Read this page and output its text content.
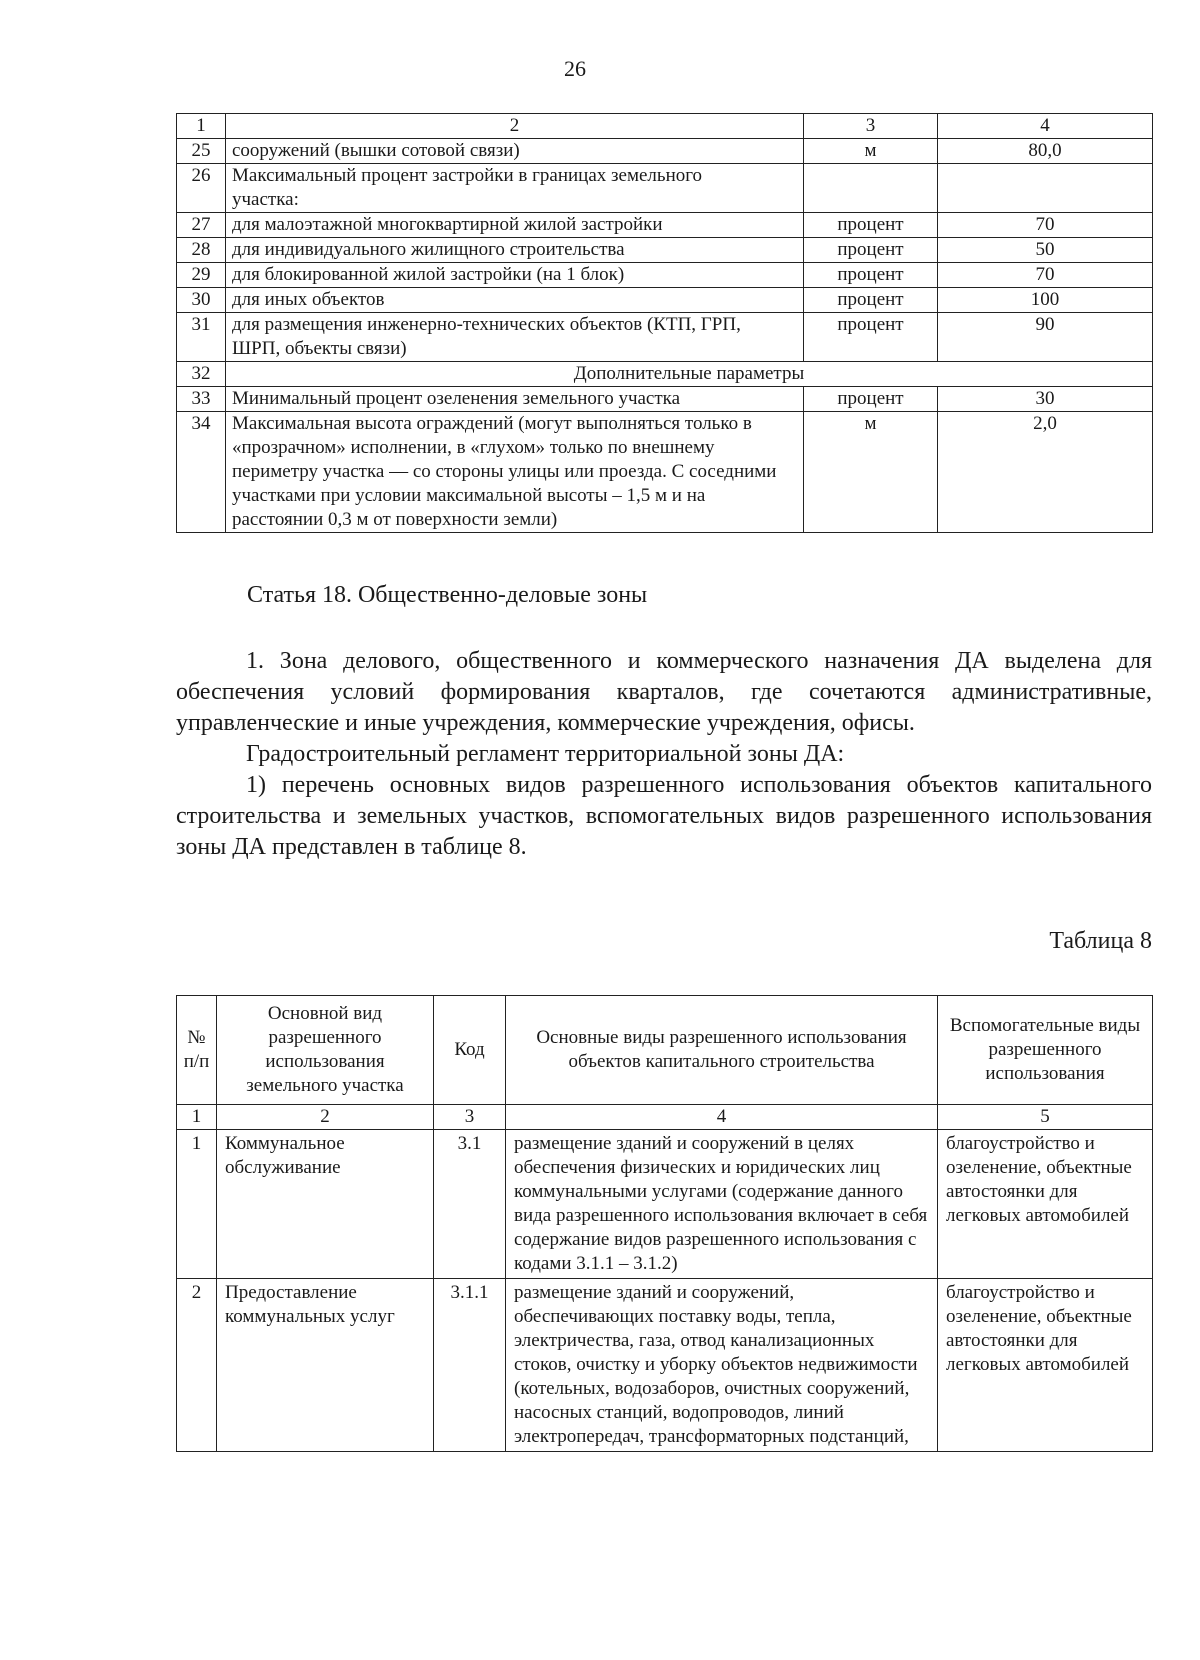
26
1	2	3	4
25	сооружений (вышки сотовой связи)	м	80,0
26	Максимальный процент застройки в границах земельного участка:		
27	для малоэтажной многоквартирной жилой застройки	процент	70
28	для индивидуального жилищного строительства	процент	50
29	для блокированной жилой застройки (на 1 блок)	процент	70
30	для иных объектов	процент	100
31	для размещения инженерно-технических объектов (КТП, ГРП, ШРП, объекты связи)	процент	90
32	Дополнительные параметры		
33	Минимальный процент озеленения земельного участка	процент	30
34	Максимальная высота ограждений (могут выполняться только в «прозрачном» исполнении, в «глухом» только по внешнему периметру участка — со стороны улицы или проезда. С соседними участками при условии максимальной высоты – 1,5 м и на расстоянии 0,3 м от поверхности земли)	м	2,0

Статья 18. Общественно-деловые зоны

1. Зона делового, общественного и коммерческого назначения ДА выделена для обеспечения условий формирования кварталов, где сочетаются административные, управленческие и иные учреждения, коммерческие учреждения, офисы.

Градостроительный регламент территориальной зоны ДА:

1) перечень основных видов разрешенного использования объектов капитального строительства и земельных участков, вспомогательных видов разрешенного использования зоны ДА представлен в таблице 8.

Таблица 8

№ п/п	Основной вид разрешенного использования земельного участка	Код	Основные виды разрешенного использования объектов капитального строительства	Вспомогательные виды разрешенного использования
1	2	3	4	5
1	Коммунальное обслуживание	3.1	размещение зданий и сооружений в целях обеспечения физических и юридических лиц коммунальными услугами (содержание данного вида разрешенного использования включает в себя содержание видов разрешенного использования с кодами 3.1.1 – 3.1.2)	благоустройство и озеленение, объектные автостоянки для легковых автомобилей
2	Предоставление коммунальных услуг	3.1.1	размещение зданий и сооружений, обеспечивающих поставку воды, тепла, электричества, газа, отвод канализационных стоков, очистку и уборку объектов недвижимости (котельных, водозаборов, очистных сооружений, насосных станций, водопроводов, линий электропередач, трансформаторных подстанций,	благоустройство и озеленение, объектные автостоянки для легковых автомобилей
